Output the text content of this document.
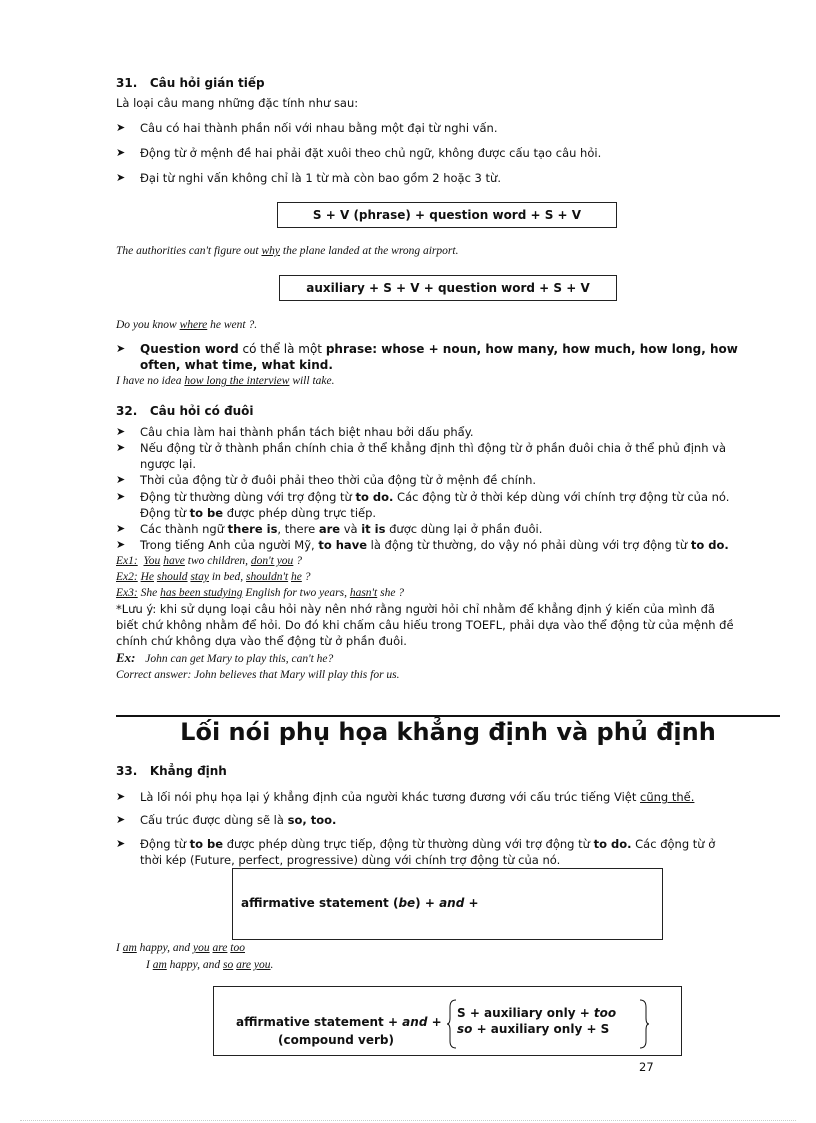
31. Câu hỏi gián tiếp
Là loại câu mang những đặc tính như sau:
➤ Câu có hai thành phần nối với nhau bằng một đại từ nghi vấn.
➤ Động từ ở mệnh đề hai phải đặt xuôi theo chủ ngữ, không được cấu tạo câu hỏi.
➤ Đại từ nghi vấn không chỉ là 1 từ mà còn bao gồm 2 hoặc 3 từ.
S + V (phrase) + question word + S + V
The authorities can't figure out why the plane landed at the wrong airport.
auxiliary + S + V + question word + S + V
Do you know where he went ?.
➤ Question word có thể là một phrase: whose + noun, how many, how much, how long, how
often, what time, what kind.
I have no idea how long the interview will take.
32. Câu hỏi có đuôi
➤ Câu chia làm hai thành phần tách biệt nhau bởi dấu phẩy.
➤ Nếu động từ ở thành phần chính chia ở thể khẳng định thì động từ ở phần đuôi chia ở thể phủ định và
ngược lại.
➤ Thời của động từ ở đuôi phải theo thời của động từ ở mệnh đề chính.
➤ Động từ thường dùng với trợ động từ to do. Các động từ ở thời kép dùng với chính trợ động từ của nó.
Động từ to be được phép dùng trực tiếp.
➤ Các thành ngữ there is, there are và it is được dùng lại ở phần đuôi.
➤ Trong tiếng Anh của người Mỹ, to have là động từ thường, do vậy nó phải dùng với trợ động từ to do.
Ex1: You have two children, don't you ?
Ex2: He should stay in bed, shouldn't he ?
Ex3: She has been studying English for two years, hasn't she ?
*Lưu ý: khi sử dụng loại câu hỏi này nên nhớ rằng người hỏi chỉ nhằm để khẳng định ý kiến của mình đã
biết chứ không nhằm để hỏi. Do đó khi chấm câu hiếu trong TOEFL, phải dựa vào thể động từ của mệnh đề
chính chứ không dựa vào thể động từ ở phần đuôi.
Ex: John can get Mary to play this, can't he?
Correct answer: John believes that Mary will play this for us.
Lối nói phụ họa khẳng định và phủ định
33. Khẳng định
➤ Là lối nói phụ họa lại ý khẳng định của người khác tương đương với cấu trúc tiếng Việt cũng thế.
➤ Cấu trúc được dùng sẽ là so, too.
➤ Động từ to be được phép dùng trực tiếp, động từ thường dùng với trợ động từ to do. Các động từ ở
thời kép (Future, perfect, progressive) dùng với chính trợ động từ của nó.
affirmative statement (be) + and +
I am happy, and you are too
I am happy, and so are you.
affirmative statement + and +
(compound verb)
S + auxiliary only + too
so + auxiliary only + S
27
